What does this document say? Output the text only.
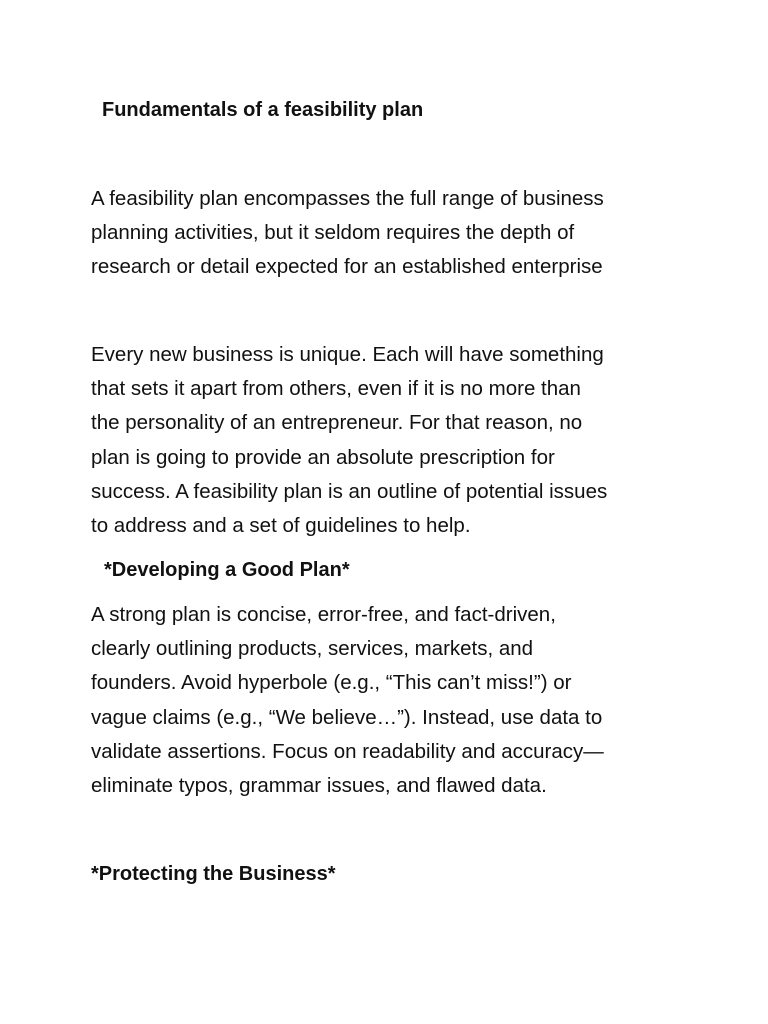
Fundamentals of a feasibility plan

A feasibility plan encompasses the full range of business
planning activities, but it seldom requires the depth of
research or detail expected for an established enterprise

Every new business is unique. Each will have something
that sets it apart from others, even if it is no more than
the personality of an entrepreneur. For that reason, no
plan is going to provide an absolute prescription for
success. A feasibility plan is an outline of potential issues
to address and a set of guidelines to help.

*Developing a Good Plan*

A strong plan is concise, error-free, and fact-driven,
clearly outlining products, services, markets, and
founders. Avoid hyperbole (e.g., “This can’t miss!”) or
vague claims (e.g., “We believe…”). Instead, use data to
validate assertions. Focus on readability and accuracy—
eliminate typos, grammar issues, and flawed data.

*Protecting the Business*
